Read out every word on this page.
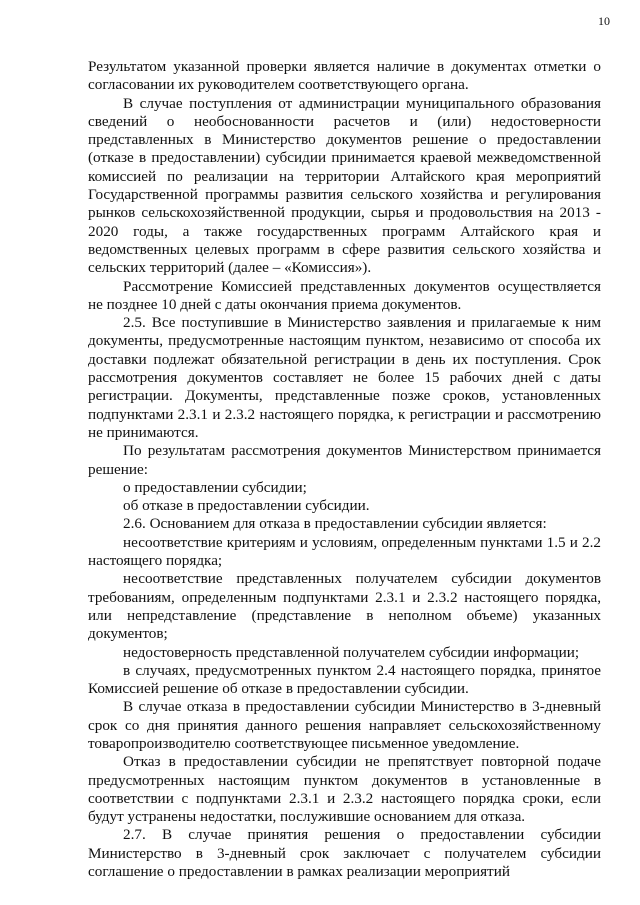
10

Результатом указанной проверки является наличие в документах отметки о согласовании их руководителем соответствующего органа.

В случае поступления от администрации муниципального образования сведений о необоснованности расчетов и (или) недостоверности представленных в Министерство документов решение о предоставлении (отказе в предоставлении) субсидии принимается краевой межведомственной комиссией по реализации на территории Алтайского края мероприятий Государственной программы развития сельского хозяйства и регулирования рынков сельскохозяйственной продукции, сырья и продовольствия на 2013 - 2020 годы, а также государственных программ Алтайского края и ведомственных целевых программ в сфере развития сельского хозяйства и сельских территорий (далее – «Комиссия»).

Рассмотрение Комиссией представленных документов осуществляется не позднее 10 дней с даты окончания приема документов.

2.5. Все поступившие в Министерство заявления и прилагаемые к ним документы, предусмотренные настоящим пунктом, независимо от способа их доставки подлежат обязательной регистрации в день их поступления. Срок рассмотрения документов составляет не более 15 рабочих дней с даты регистрации. Документы, представленные позже сроков, установленных подпунктами 2.3.1 и 2.3.2 настоящего порядка, к регистрации и рассмотрению не принимаются.

По результатам рассмотрения документов Министерством принимается решение:

о предоставлении субсидии;

об отказе в предоставлении субсидии.

2.6. Основанием для отказа в предоставлении субсидии является:

несоответствие критериям и условиям, определенным пунктами 1.5 и 2.2 настоящего порядка;

несоответствие представленных получателем субсидии документов требованиям, определенным подпунктами 2.3.1 и 2.3.2 настоящего порядка, или непредставление (представление в неполном объеме) указанных документов;

недостоверность представленной получателем субсидии информации;

в случаях, предусмотренных пунктом 2.4 настоящего порядка, принятое Комиссией решение об отказе в предоставлении субсидии.

В случае отказа в предоставлении субсидии Министерство в 3-дневный срок со дня принятия данного решения направляет сельскохозяйственному товаропроизводителю соответствующее письменное уведомление.

Отказ в предоставлении субсидии не препятствует повторной подаче предусмотренных настоящим пунктом документов в установленные в соответствии с подпунктами 2.3.1 и 2.3.2 настоящего порядка сроки, если будут устранены недостатки, послужившие основанием для отказа.

2.7. В случае принятия решения о предоставлении субсидии Министерство в 3-дневный срок заключает с получателем субсидии соглашение о предоставлении в рамках реализации мероприятий
